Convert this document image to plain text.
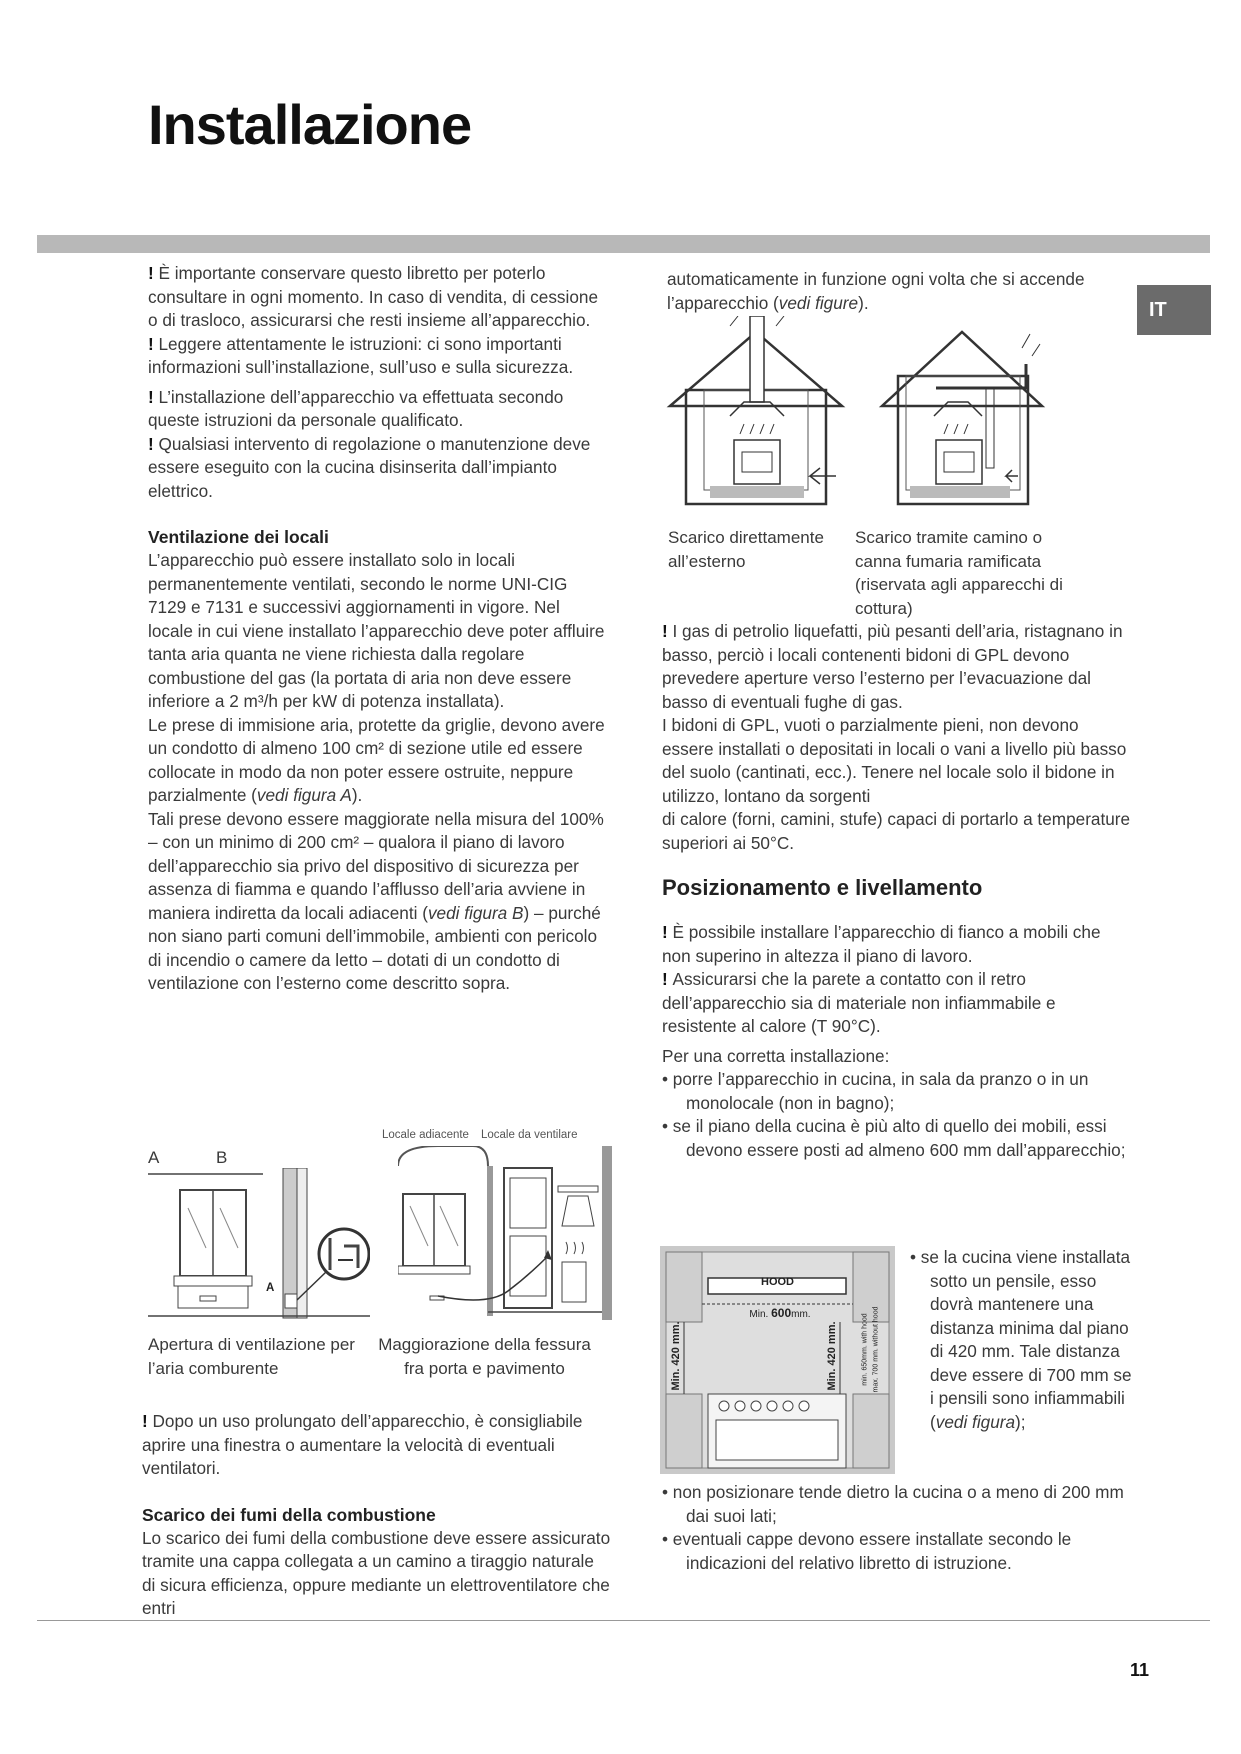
Installazione
IT
11

! È importante conservare questo libretto per poterlo consultare in ogni momento. In caso di vendita, di cessione o di trasloco, assicurarsi che resti insieme all’apparecchio.

! Leggere attentamente le istruzioni: ci sono importanti informazioni sull’installazione, sull’uso e sulla sicurezza.

! L’installazione dell’apparecchio va effettuata secondo queste istruzioni da personale qualificato.

! Qualsiasi intervento di regolazione o manutenzione deve essere eseguito con la cucina disinserita dall’impianto elettrico.

Ventilazione dei locali

L’apparecchio può essere installato solo in locali permanentemente ventilati, secondo le norme UNI-CIG 7129 e 7131 e successivi aggiornamenti in vigore. Nel locale in cui viene installato l’apparecchio deve poter affluire tanta aria quanta ne viene richiesta dalla regolare combustione del gas (la portata di aria non deve essere inferiore a 2 m³/h per kW di potenza installata).

Le prese di immisione aria, protette da griglie, devono avere un condotto di almeno 100 cm² di sezione utile ed essere collocate in modo da non poter essere ostruite, neppure parzialmente (vedi figura A).

Tali prese devono essere maggiorate nella misura del 100% – con un minimo di 200 cm² – qualora il piano di lavoro dell’apparecchio sia privo del dispositivo di sicurezza per assenza di fiamma e quando l’afflusso dell’aria avviene in maniera indiretta da locali adiacenti (vedi figura B) – purché non siano parti comuni dell’immobile, ambienti con pericolo di incendio o camere da letto – dotati di un condotto di ventilazione con l’esterno come descritto sopra.

A	B
Locale adiacente Locale da ventilare
A
Apertura di ventilazione per l’aria comburente
Maggiorazione della fessura fra porta e pavimento

! Dopo un uso prolungato dell’apparecchio, è consigliabile aprire una finestra o aumentare la velocità di eventuali ventilatori.

Scarico dei fumi della combustione

Lo scarico dei fumi della combustione deve essere assicurato tramite una cappa collegata a un camino a tiraggio naturale di sicura efficienza, oppure mediante un elettroventilatore che entri

automaticamente in funzione ogni volta che si accende l’apparecchio (vedi figure).

Scarico direttamente all’esterno
Scarico tramite camino o canna fumaria ramificata (riservata agli apparecchi di cottura)

! I gas di petrolio liquefatti, più pesanti dell’aria, ristagnano in basso, perciò i locali contenenti bidoni di GPL devono prevedere aperture verso l’esterno per l’evacuazione dal basso di eventuali fughe di gas.

I bidoni di GPL, vuoti o parzialmente pieni, non devono essere installati o depositati in locali o vani a livello più basso del suolo (cantinati, ecc.). Tenere nel locale solo il bidone in utilizzo, lontano da sorgenti

di calore (forni, camini, stufe) capaci di portarlo a temperature superiori ai 50°C.

Posizionamento e livellamento

! È possibile installare l’apparecchio di fianco a mobili che non superino in altezza il piano di lavoro.

! Assicurarsi che la parete a contatto con il retro dell’apparecchio sia di materiale non infiammabile e resistente al calore (T 90°C).

Per una corretta installazione:

• porre l’apparecchio in cucina, in sala da pranzo o in un monolocale (non in bagno);

• se il piano della cucina è più alto di quello dei mobili, essi devono essere posti ad almeno 600 mm dall’apparecchio;

HOOD
Min. 600mm.
Min. 420 mm.	Min. 420 mm.	min. 650mm. with hood max. 700 mm. without hood

• se la cucina viene installata sotto un pensile, esso dovrà mantenere una distanza minima dal piano di 420 mm. Tale distanza deve essere di 700 mm se i pensili sono infiammabili (vedi figura);

• non posizionare tende dietro la cucina o a meno di 200 mm dai suoi lati;

• eventuali cappe devono essere installate secondo le indicazioni del relativo libretto di istruzione.
